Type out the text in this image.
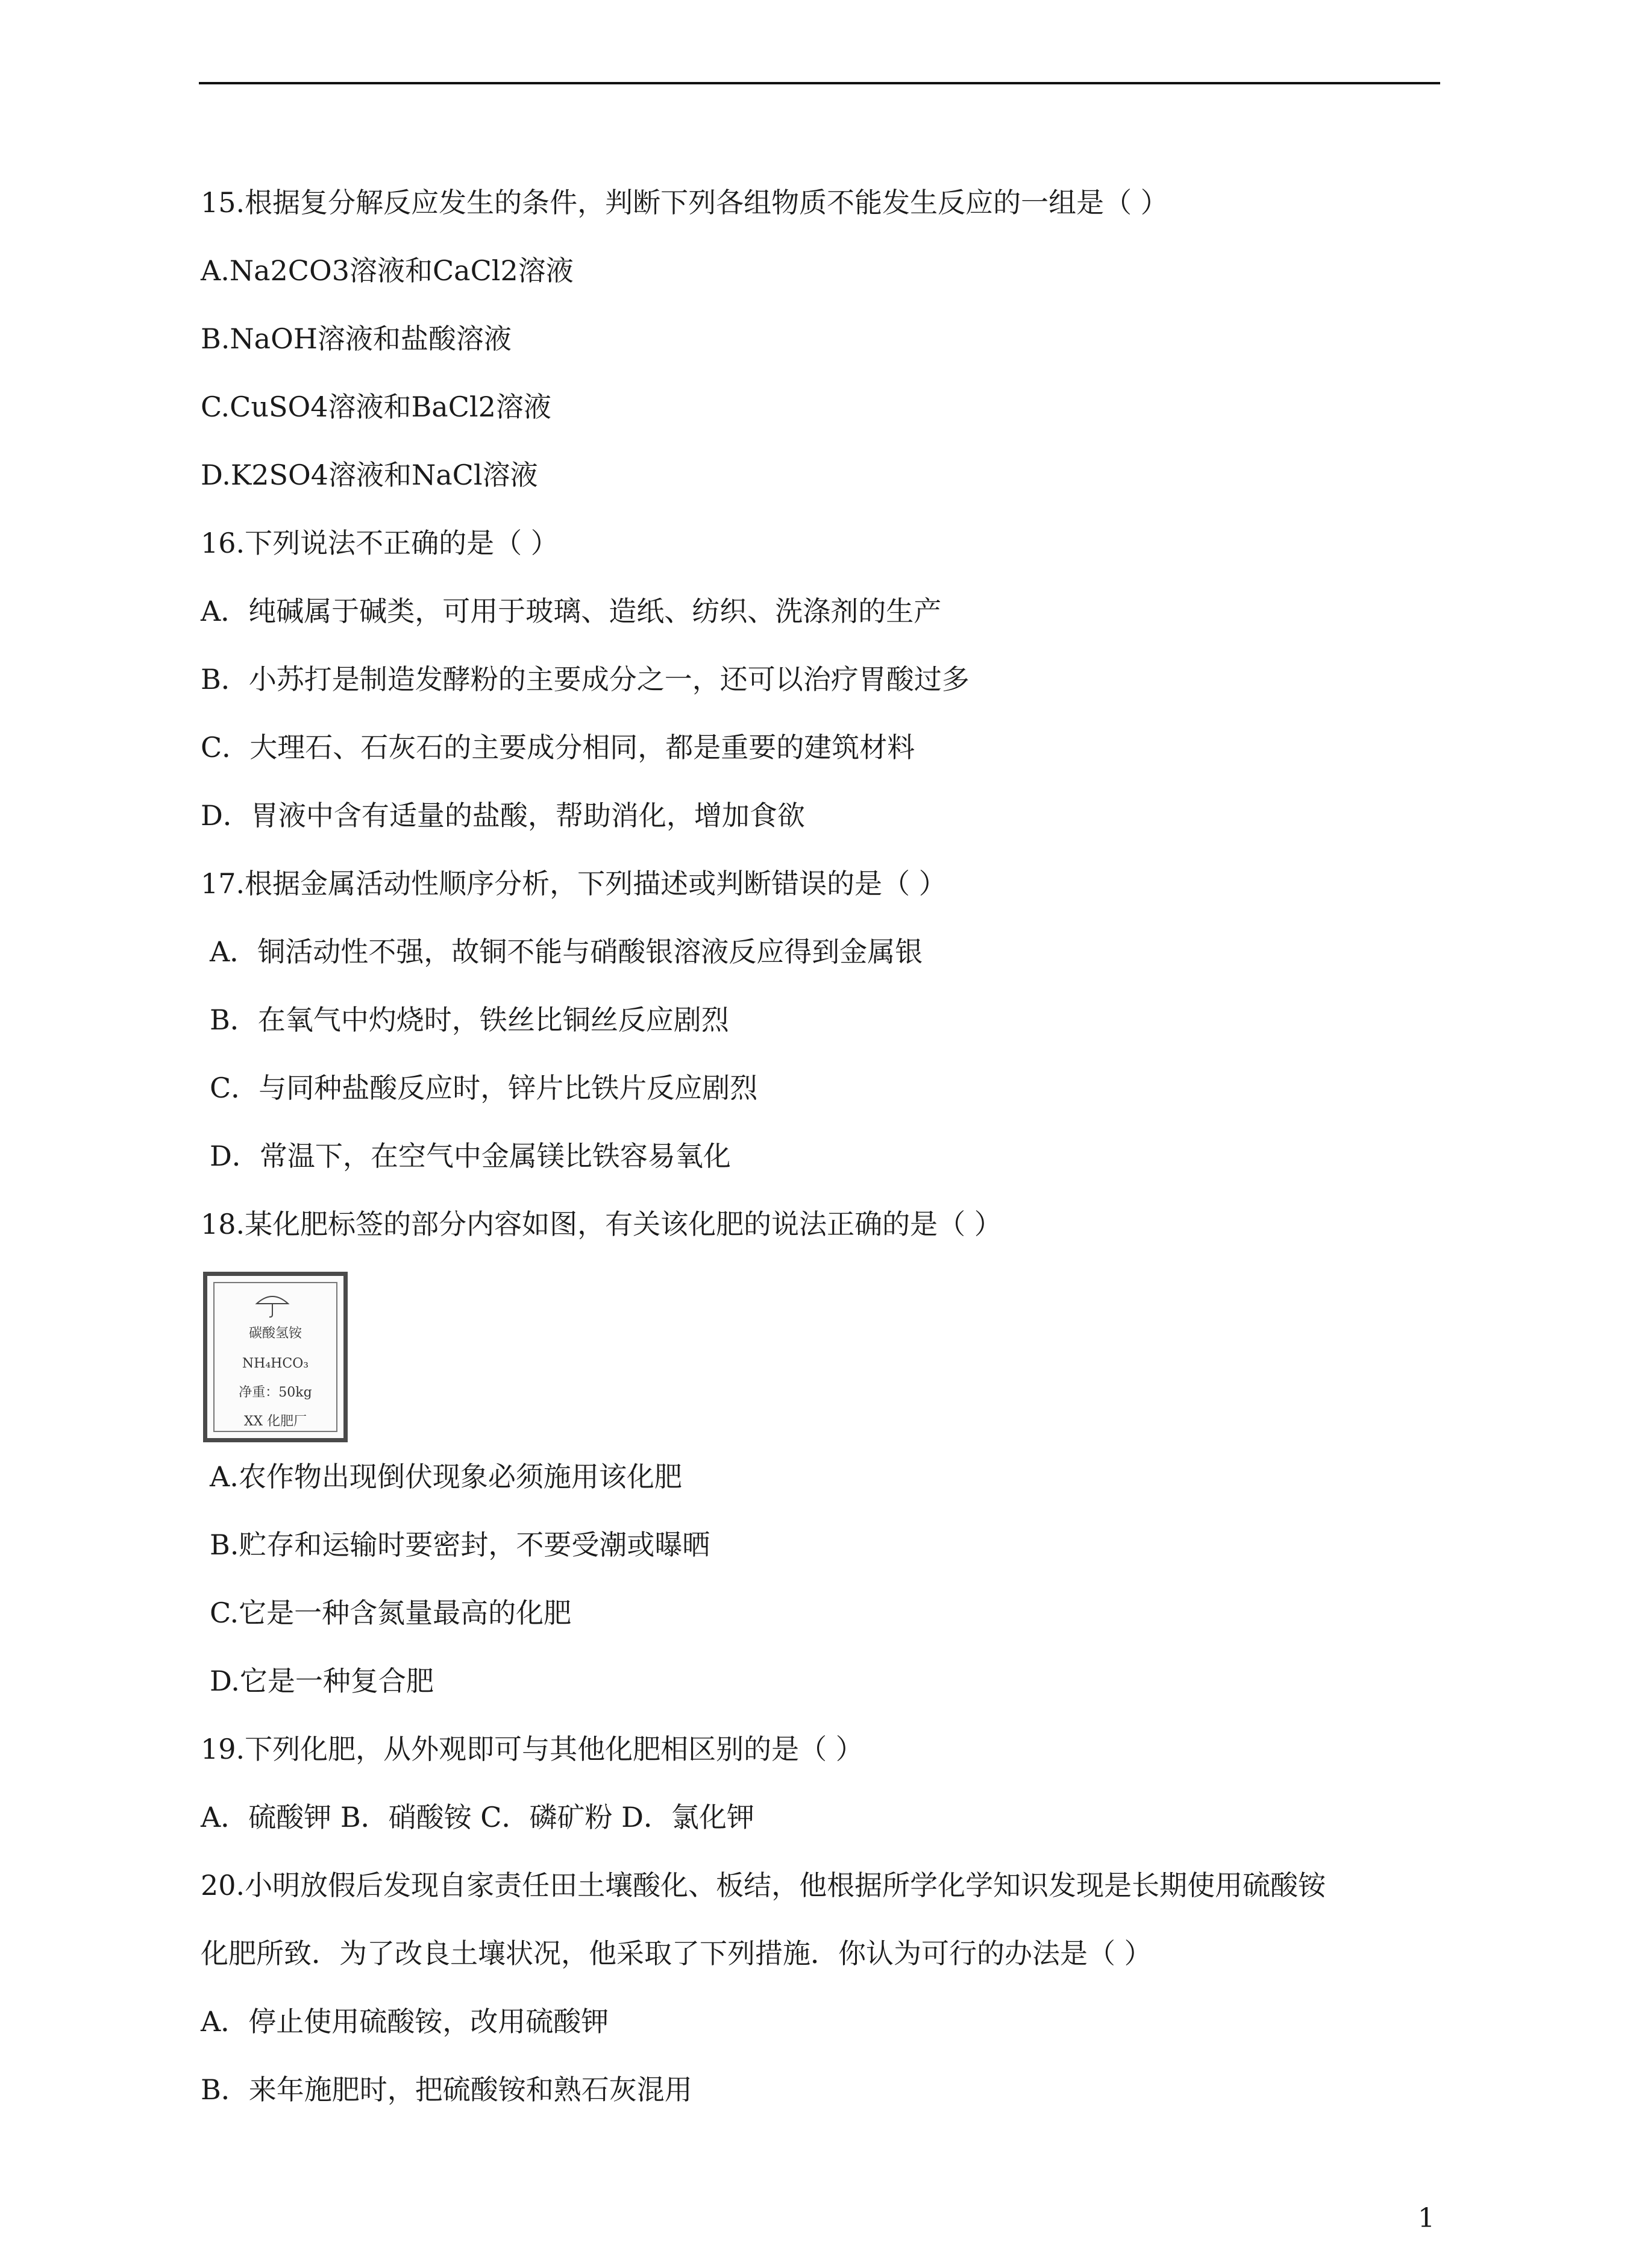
15.根据复分解反应发生的条件，判断下列各组物质不能发生反应的一组是（ ）
A.Na2CO3溶液和CaCl2溶液
B.NaOH溶液和盐酸溶液
C.CuSO4溶液和BaCl2溶液
D.K2SO4溶液和NaCl溶液
16.下列说法不正确的是（ ）
A．纯碱属于碱类，可用于玻璃、造纸、纺织、洗涤剂的生产
B．小苏打是制造发酵粉的主要成分之一，还可以治疗胃酸过多
C．大理石、石灰石的主要成分相同，都是重要的建筑材料
D．胃液中含有适量的盐酸，帮助消化，增加食欲
17.根据金属活动性顺序分析，下列描述或判断错误的是（ ）
A．铜活动性不强，故铜不能与硝酸银溶液反应得到金属银
B．在氧气中灼烧时，铁丝比铜丝反应剧烈
C．与同种盐酸反应时，锌片比铁片反应剧烈
D．常温下，在空气中金属镁比铁容易氧化
18.某化肥标签的部分内容如图，有关该化肥的说法正确的是（ ）
碳酸氢铵
NH₄HCO₃
净重：50kg
XX 化肥厂
A.农作物出现倒伏现象必须施用该化肥
B.贮存和运输时要密封，不要受潮或曝晒
C.它是一种含氮量最高的化肥
D.它是一种复合肥
19.下列化肥，从外观即可与其他化肥相区别的是（ ）
A．硫酸钾 B．硝酸铵 C．磷矿粉 D．氯化钾
20.小明放假后发现自家责任田土壤酸化、板结，他根据所学化学知识发现是长期使用硫酸铵
化肥所致．为了改良土壤状况，他采取了下列措施．你认为可行的办法是（ ）
A．停止使用硫酸铵，改用硫酸钾
B．来年施肥时，把硫酸铵和熟石灰混用
1
